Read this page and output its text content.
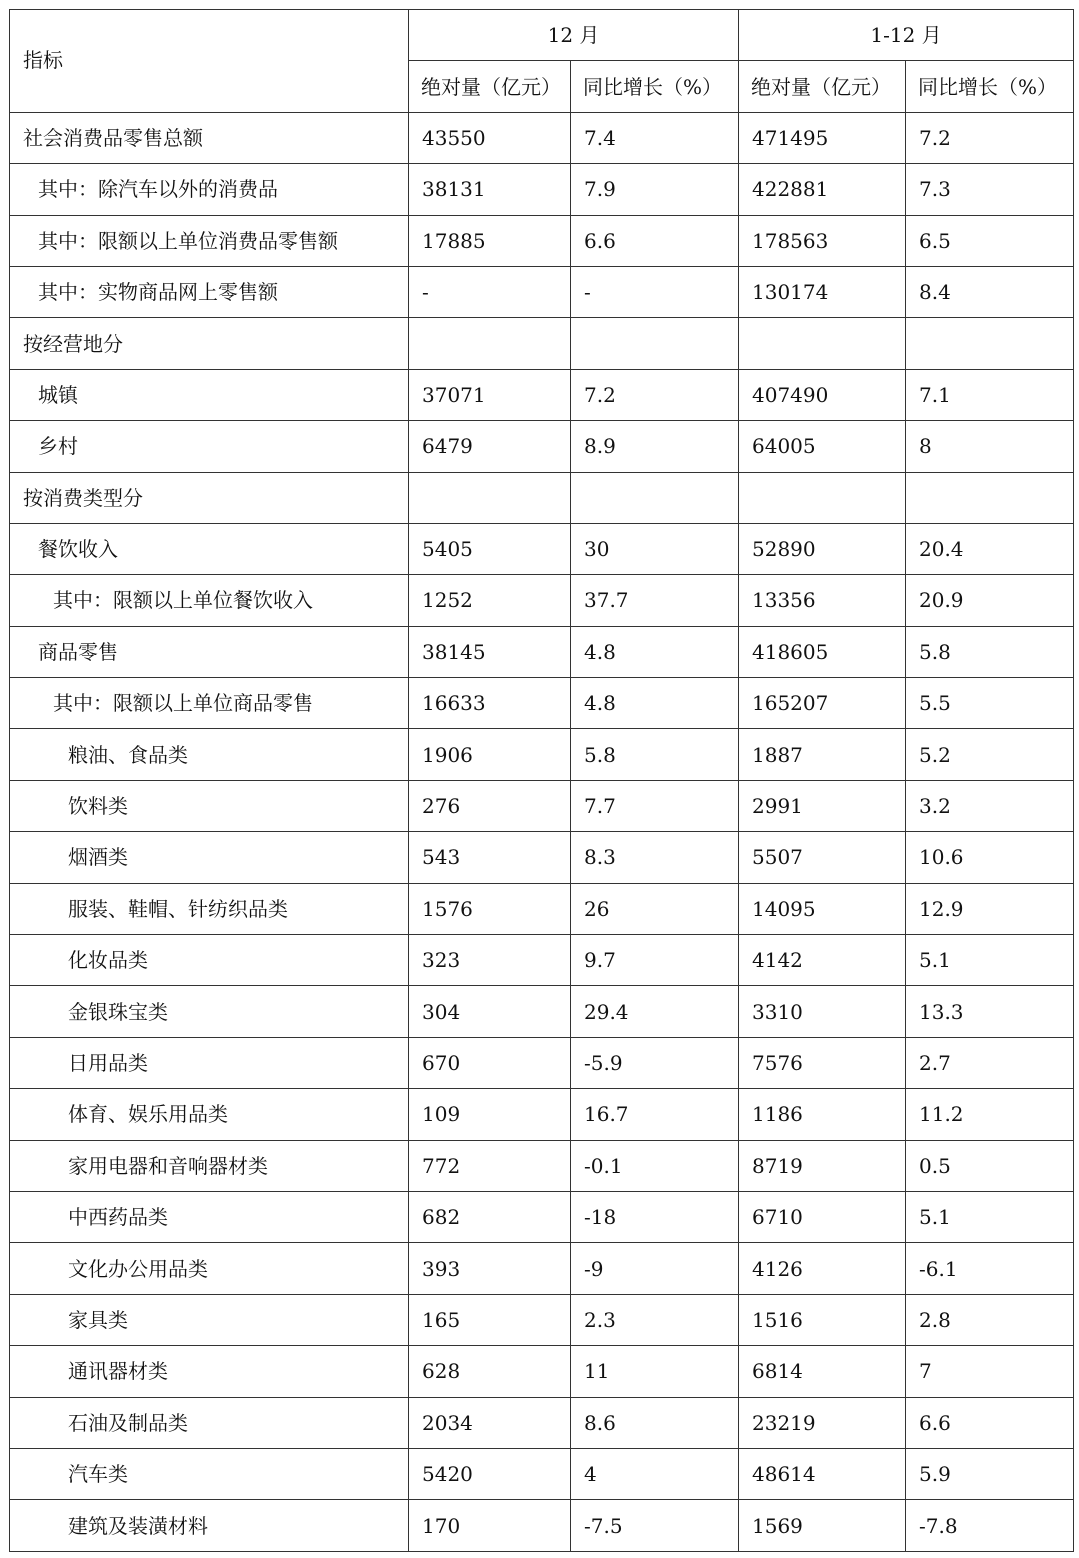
指标	12 月		1-12 月	
	绝对量（亿元）	同比增长（%）	绝对量（亿元）	同比增长（%）
社会消费品零售总额	43550	7.4	471495	7.2
其中：除汽车以外的消费品	38131	7.9	422881	7.3
其中：限额以上单位消费品零售额	17885	6.6	178563	6.5
其中：实物商品网上零售额	-	-	130174	8.4
按经营地分				
城镇	37071	7.2	407490	7.1
乡村	6479	8.9	64005	8
按消费类型分				
餐饮收入	5405	30	52890	20.4
其中：限额以上单位餐饮收入	1252	37.7	13356	20.9
商品零售	38145	4.8	418605	5.8
其中：限额以上单位商品零售	16633	4.8	165207	5.5
粮油、食品类	1906	5.8	1887	5.2
饮料类	276	7.7	2991	3.2
烟酒类	543	8.3	5507	10.6
服装、鞋帽、针纺织品类	1576	26	14095	12.9
化妆品类	323	9.7	4142	5.1
金银珠宝类	304	29.4	3310	13.3
日用品类	670	-5.9	7576	2.7
体育、娱乐用品类	109	16.7	1186	11.2
家用电器和音响器材类	772	-0.1	8719	0.5
中西药品类	682	-18	6710	5.1
文化办公用品类	393	-9	4126	-6.1
家具类	165	2.3	1516	2.8
通讯器材类	628	11	6814	7
石油及制品类	2034	8.6	23219	6.6
汽车类	5420	4	48614	5.9
建筑及装潢材料	170	-7.5	1569	-7.8
